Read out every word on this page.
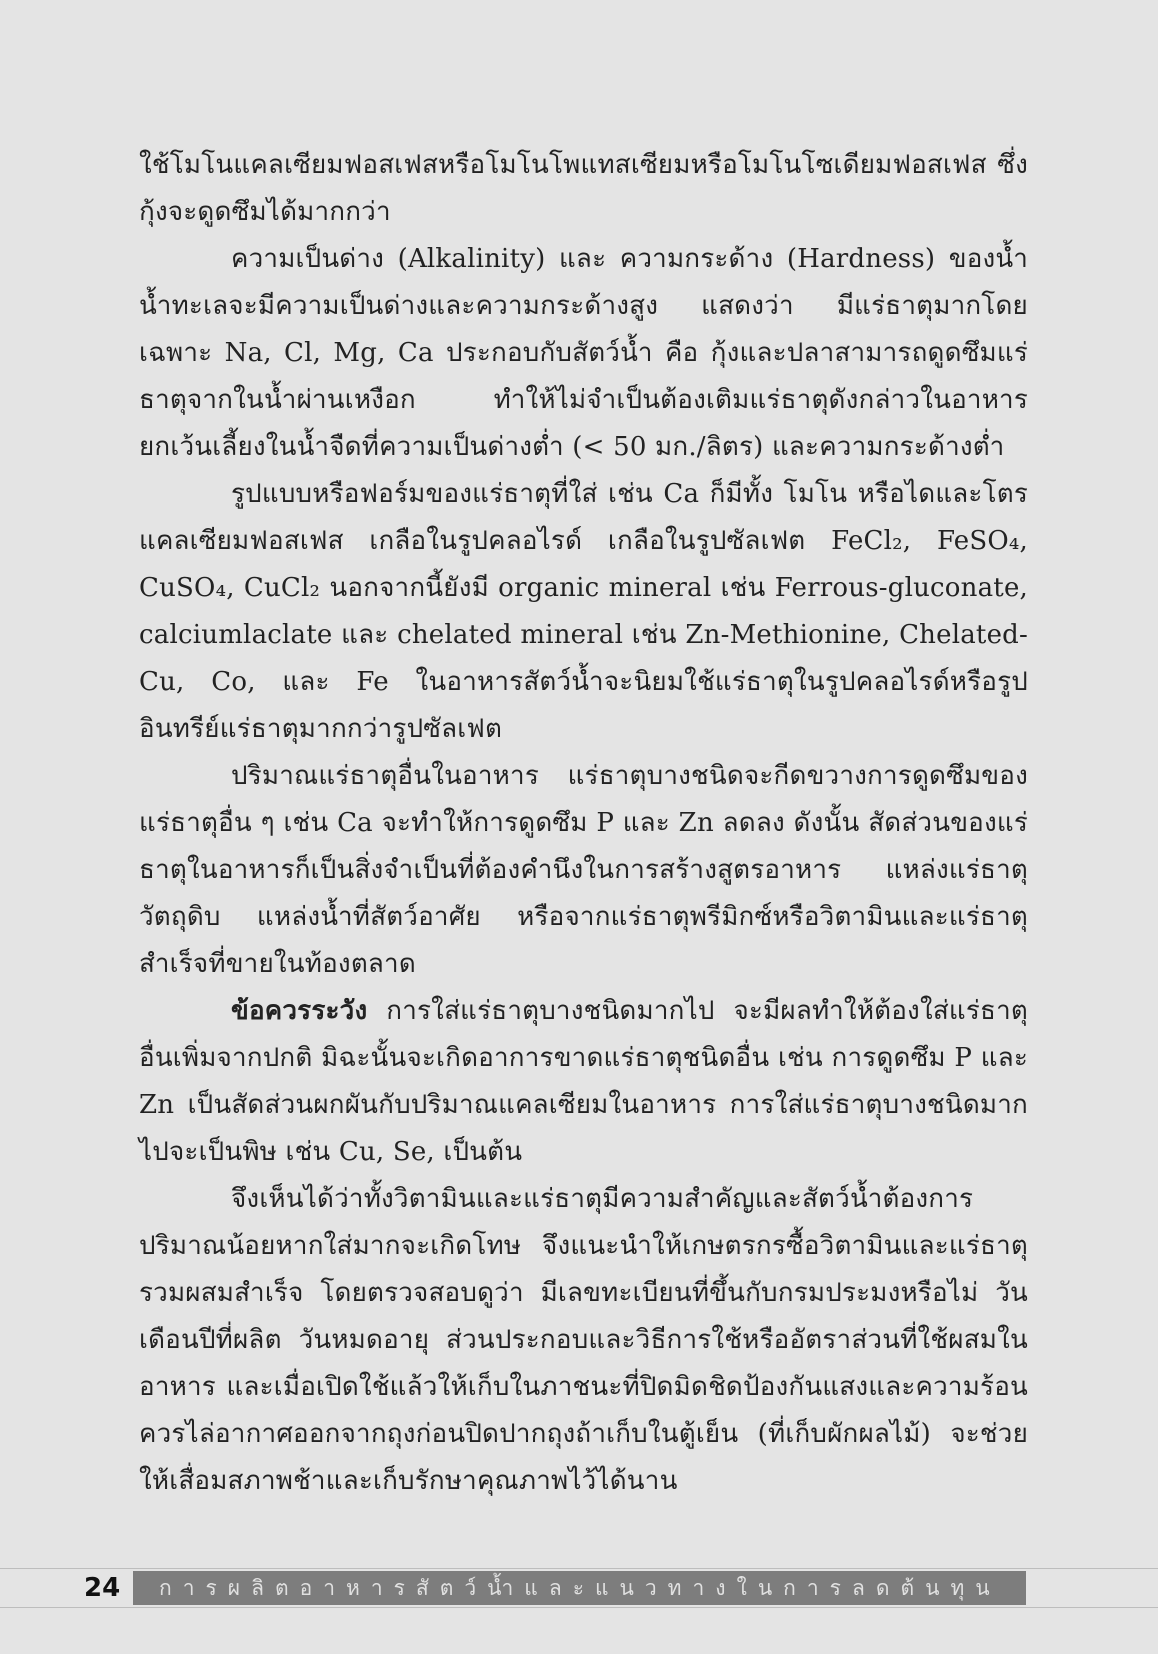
ใช้โมโนแคลเซียมฟอสเฟสหรือโมโนโพแทสเซียมหรือโมโนโซเดียมฟอสเฟส ซึ่งกุ้งจะดูดซึมได้มากกว่า

ความเป็นด่าง (Alkalinity) และ ความกระด้าง (Hardness) ของน้ำน้ำทะเลจะมีความเป็นด่างและความกระด้างสูง แสดงว่า มีแร่ธาตุมากโดยเฉพาะ Na, Cl, Mg, Ca ประกอบกับสัตว์น้ำ คือ กุ้งและปลาสามารถดูดซึมแร่ธาตุจากในน้ำผ่านเหงือก ทำให้ไม่จำเป็นต้องเติมแร่ธาตุดังกล่าวในอาหาร ยกเว้นเลี้ยงในน้ำจืดที่ความเป็นด่างต่ำ (< 50 มก./ลิตร) และความกระด้างต่ำ

รูปแบบหรือฟอร์มของแร่ธาตุที่ใส่ เช่น Ca ก็มีทั้ง โมโน หรือไดและโตรแคลเซียมฟอสเฟส เกลือในรูปคลอไรด์ เกลือในรูปซัลเฟต FeCl₂, FeSO₄, CuSO₄, CuCl₂ นอกจากนี้ยังมี organic mineral เช่น Ferrous-gluconate, calciumlaclate และ chelated mineral เช่น Zn-Methionine, Chelated-Cu, Co, และ Fe ในอาหารสัตว์น้ำจะนิยมใช้แร่ธาตุในรูปคลอไรด์หรือรูปอินทรีย์แร่ธาตุมากกว่ารูปซัลเฟต

ปริมาณแร่ธาตุอื่นในอาหาร แร่ธาตุบางชนิดจะกีดขวางการดูดซึมของแร่ธาตุอื่น ๆ เช่น Ca จะทำให้การดูดซึม P และ Zn ลดลง ดังนั้น สัดส่วนของแร่ธาตุในอาหารก็เป็นสิ่งจำเป็นที่ต้องคำนึงในการสร้างสูตรอาหาร แหล่งแร่ธาตุวัตถุดิบ แหล่งน้ำที่สัตว์อาศัย หรือจากแร่ธาตุพรีมิกซ์หรือวิตามินและแร่ธาตุสำเร็จที่ขายในท้องตลาด

ข้อควรระวัง การใส่แร่ธาตุบางชนิดมากไป จะมีผลทำให้ต้องใส่แร่ธาตุอื่นเพิ่มจากปกติ มิฉะนั้นจะเกิดอาการขาดแร่ธาตุชนิดอื่น เช่น การดูดซึม P และ Zn เป็นสัดส่วนผกผันกับปริมาณแคลเซียมในอาหาร การใส่แร่ธาตุบางชนิดมากไปจะเป็นพิษ เช่น Cu, Se, เป็นต้น

จึงเห็นได้ว่าทั้งวิตามินและแร่ธาตุมีความสำคัญและสัตว์น้ำต้องการปริมาณน้อยหากใส่มากจะเกิดโทษ จึงแนะนำให้เกษตรกรซื้อวิตามินและแร่ธาตุรวมผสมสำเร็จ โดยตรวจสอบดูว่า มีเลขทะเบียนที่ขึ้นกับกรมประมงหรือไม่ วันเดือนปีที่ผลิต วันหมดอายุ ส่วนประกอบและวิธีการใช้หรืออัตราส่วนที่ใช้ผสมในอาหาร และเมื่อเปิดใช้แล้วให้เก็บในภาชนะที่ปิดมิดชิดป้องกันแสงและความร้อน ควรไล่อากาศออกจากถุงก่อนปิดปากถุงถ้าเก็บในตู้เย็น (ที่เก็บผักผลไม้) จะช่วยให้เสื่อมสภาพช้าและเก็บรักษาคุณภาพไว้ได้นาน

24	การผลิตอาหารสัตว์น้ำและแนวทางในการลดต้นทุน
